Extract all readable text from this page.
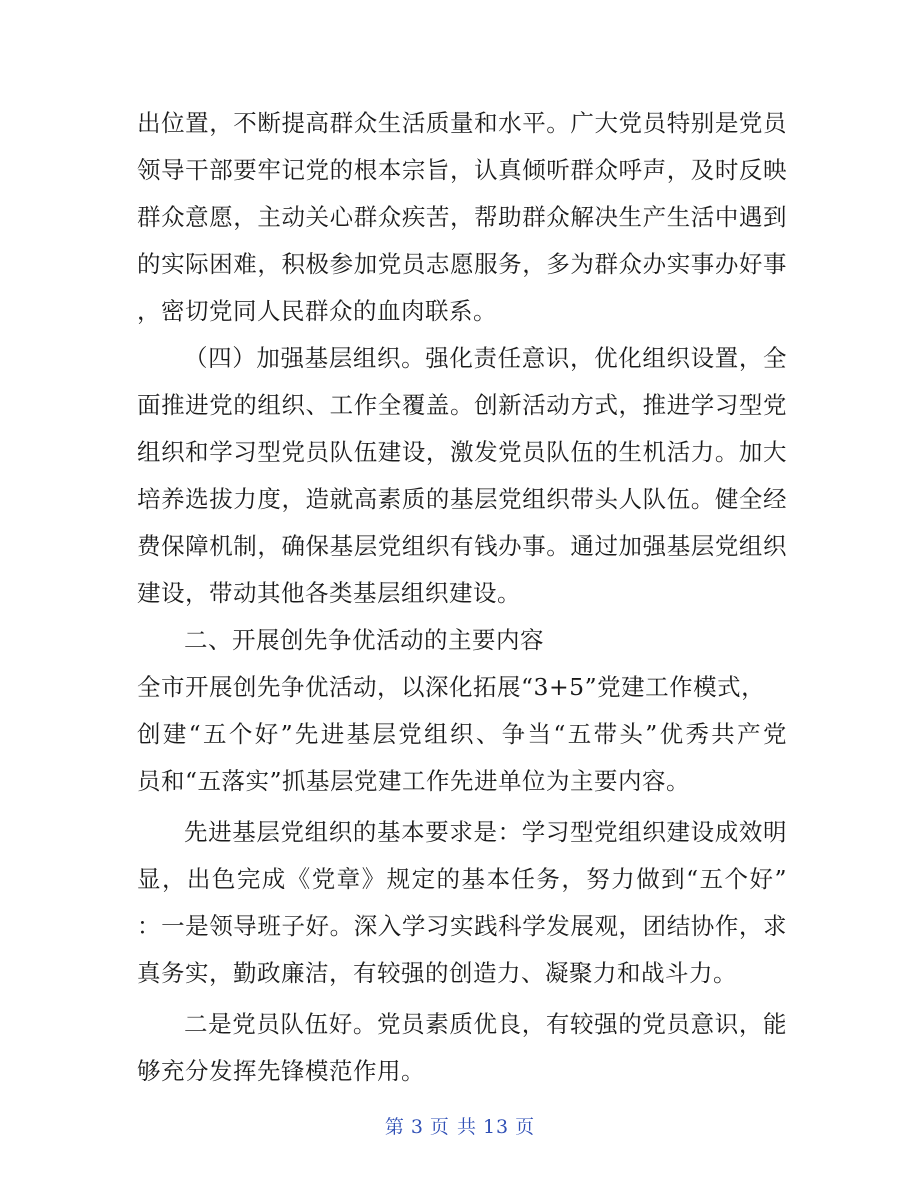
出位置，不断提高群众生活质量和水平。广大党员特别是党员
领导干部要牢记党的根本宗旨，认真倾听群众呼声，及时反映
群众意愿，主动关心群众疾苦，帮助群众解决生产生活中遇到
的实际困难，积极参加党员志愿服务，多为群众办实事办好事
，密切党同人民群众的血肉联系。
（四）加强基层组织。强化责任意识，优化组织设置，全
面推进党的组织、工作全覆盖。创新活动方式，推进学习型党
组织和学习型党员队伍建设，激发党员队伍的生机活力。加大
培养选拔力度，造就高素质的基层党组织带头人队伍。健全经
费保障机制，确保基层党组织有钱办事。通过加强基层党组织
建设，带动其他各类基层组织建设。
二、开展创先争优活动的主要内容
全市开展创先争优活动，以深化拓展“3+5”党建工作模式，
创建“五个好”先进基层党组织、争当“五带头”优秀共产党
员和“五落实”抓基层党建工作先进单位为主要内容。
先进基层党组织的基本要求是：学习型党组织建设成效明
显，出色完成《党章》规定的基本任务，努力做到“五个好”
：一是领导班子好。深入学习实践科学发展观，团结协作，求
真务实，勤政廉洁，有较强的创造力、凝聚力和战斗力。
二是党员队伍好。党员素质优良，有较强的党员意识，能
够充分发挥先锋模范作用。
第 3 页 共 13 页
